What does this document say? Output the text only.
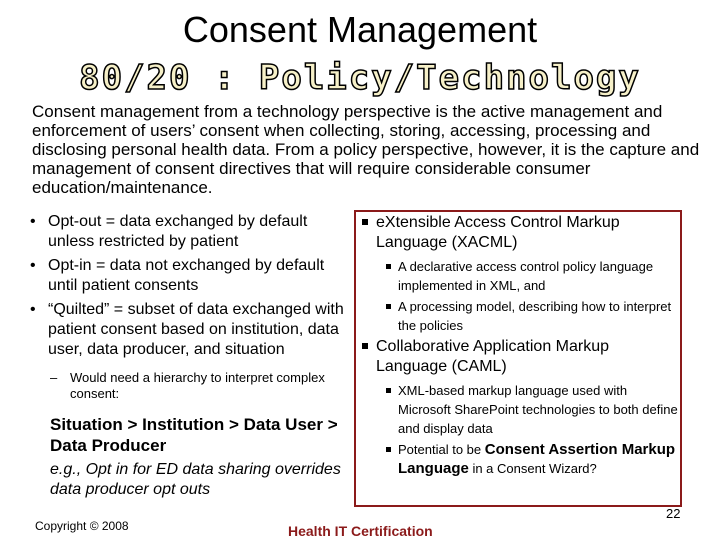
Consent Management
80/20 : Policy/Technology
Consent management from a technology perspective is the active management and enforcement of users’ consent when collecting, storing, accessing, processing and disclosing personal health data. From a policy perspective, however, it is the capture and management of consent directives that will require considerable consumer education/maintenance.
• Opt-out = data exchanged by default unless restricted by patient
• Opt-in = data not exchanged by default until patient consents
• “Quilted” = subset of data exchanged with patient consent based on institution, data user, data producer, and situation
– Would need a hierarchy to interpret complex consent:
Situation > Institution > Data User > Data Producer
e.g., Opt in for ED data sharing overrides data producer opt outs
eXtensible Access Control Markup Language (XACML)
A declarative access control policy language implemented in XML, and
A processing model, describing how to interpret the policies
Collaborative Application Markup Language (CAML)
XML-based markup language used with Microsoft SharePoint technologies to both define and display data
Potential to be Consent Assertion Markup Language in a Consent Wizard?
Copyright © 2008	Health IT Certification
22
